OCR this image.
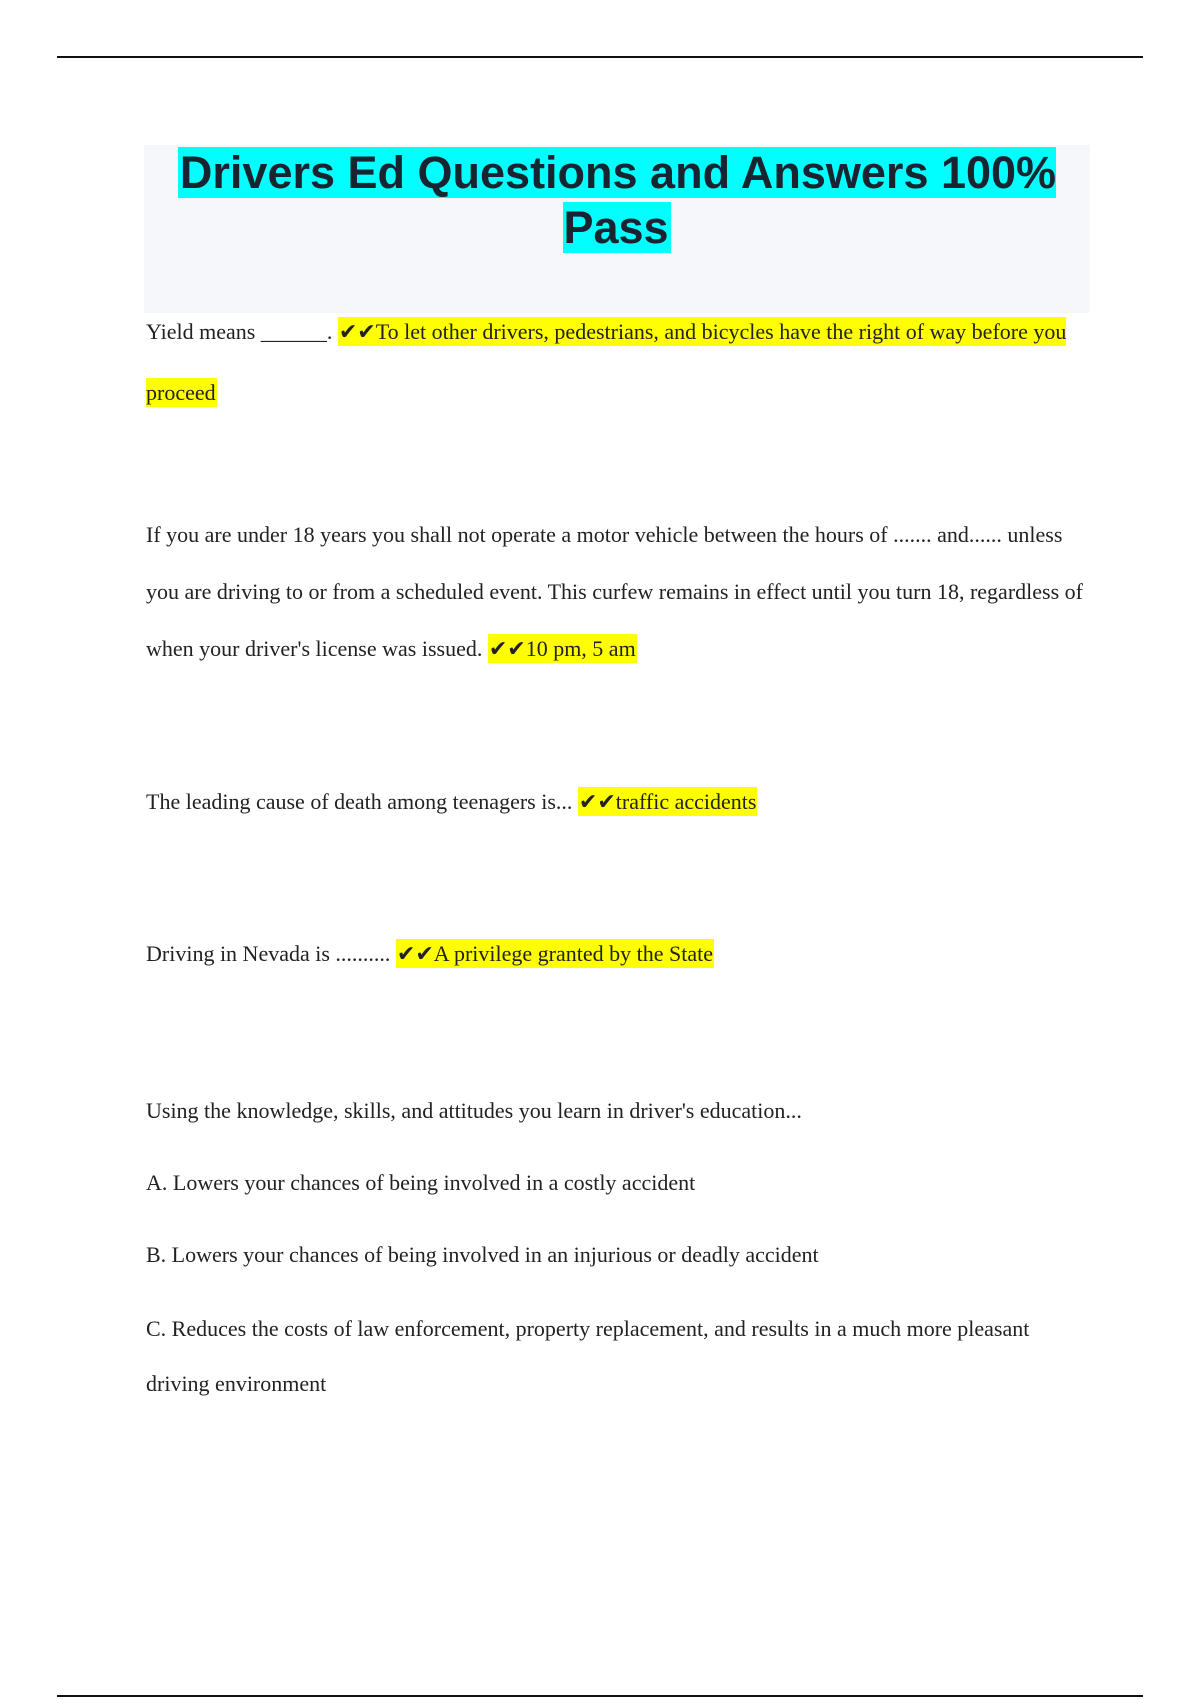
Drivers Ed Questions and Answers 100% Pass

Yield means ______. ✔✔To let other drivers, pedestrians, and bicycles have the right of way before you proceed

If you are under 18 years you shall not operate a motor vehicle between the hours of ....... and...... unless you are driving to or from a scheduled event. This curfew remains in effect until you turn 18, regardless of when your driver's license was issued. ✔✔10 pm, 5 am

The leading cause of death among teenagers is... ✔✔traffic accidents

Driving in Nevada is .......... ✔✔A privilege granted by the State

Using the knowledge, skills, and attitudes you learn in driver's education...

A. Lowers your chances of being involved in a costly accident

B. Lowers your chances of being involved in an injurious or deadly accident

C. Reduces the costs of law enforcement, property replacement, and results in a much more pleasant driving environment
